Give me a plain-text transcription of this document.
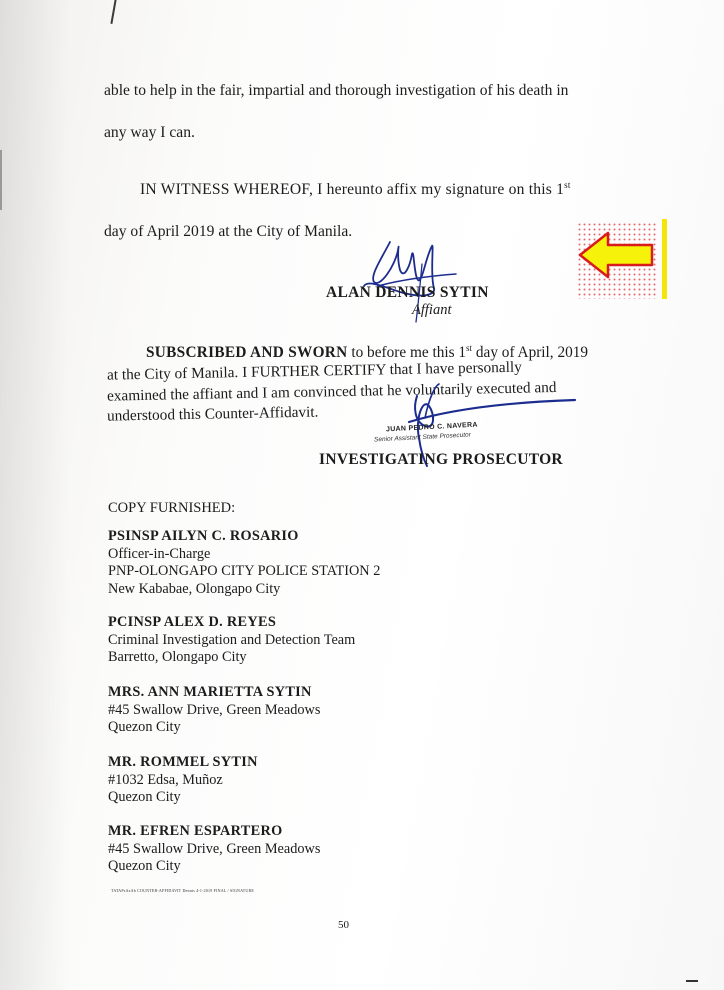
able to help in the fair, impartial and thorough investigation of his death in
any way I can.
IN WITNESS WHEREOF, I hereunto affix my signature on this 1st
day of April 2019 at the City of Manila.
ALAN DENNIS SYTIN
Affiant
SUBSCRIBED AND SWORN to before me this 1st day of April, 2019
at the City of Manila. I FURTHER CERTIFY that I have personally
examined the affiant and I am convinced that he voluntarily executed and
understood this Counter-Affidavit.
JUAN PEDRO C. NAVERA
Senior Assistant State Prosecutor
INVESTIGATING PROSECUTOR
COPY FURNISHED:
PSINSP AILYN C. ROSARIO
Officer-in-Charge
PNP-OLONGAPO CITY POLICE STATION 2
New Kababae, Olongapo City
PCINSP ALEX D. REYES
Criminal Investigation and Detection Team
Barretto, Olongapo City
MRS. ANN MARIETTA SYTIN
#45 Swallow Drive, Green Meadows
Quezon City
MR. ROMMEL SYTIN
#1032 Edsa, Muñoz
Quezon City
MR. EFREN ESPARTERO
#45 Swallow Drive, Green Meadows
Quezon City
TATAPsAzAb COUNTER-AFFIDAVIT Dennis 4-1-2019 FINAL / SIGNATURE
50
